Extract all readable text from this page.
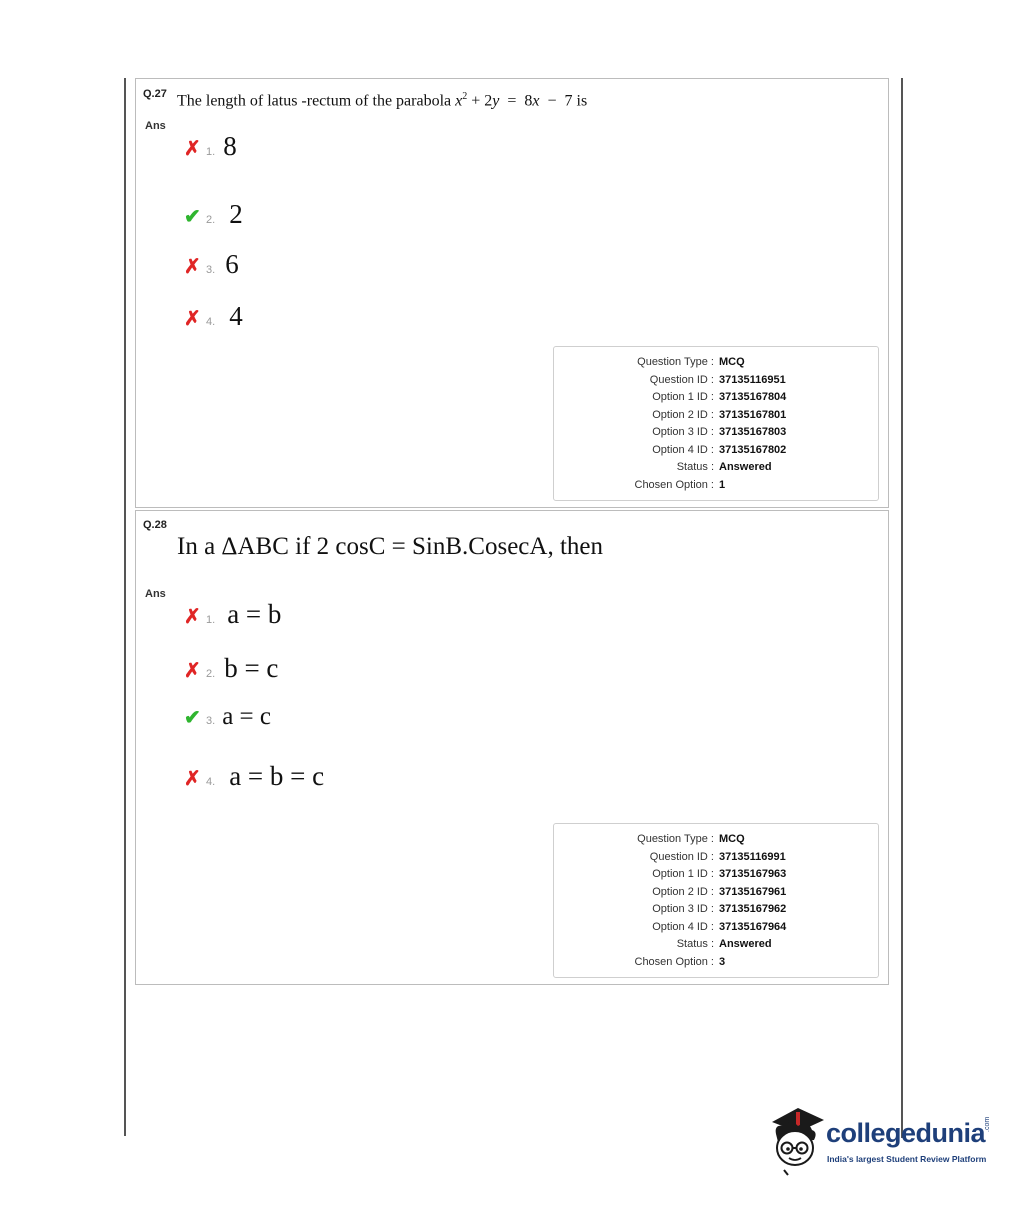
Q.27 The length of latus -rectum of the parabola $x^2 + 2y = 8x - 7$ is
Ans
✗ 1. 8
✔ 2. 2
✗ 3. 6
✗ 4. 4
Question Type : MCQ
Question ID : 37135116951
Option 1 ID : 37135167804
Option 2 ID : 37135167801
Option 3 ID : 37135167803
Option 4 ID : 37135167802
Status : Answered
Chosen Option : 1
Q.28
In a ΔABC if 2 cosC = SinB.CosecA, then
Ans
✗ 1. a = b
✗ 2. b = c
✔ 3. a = c
✗ 4. a = b = c
Question Type : MCQ
Question ID : 37135116991
Option 1 ID : 37135167963
Option 2 ID : 37135167961
Option 3 ID : 37135167962
Option 4 ID : 37135167964
Status : Answered
Chosen Option : 3
collegedunia
.com
India's largest Student Review Platform
